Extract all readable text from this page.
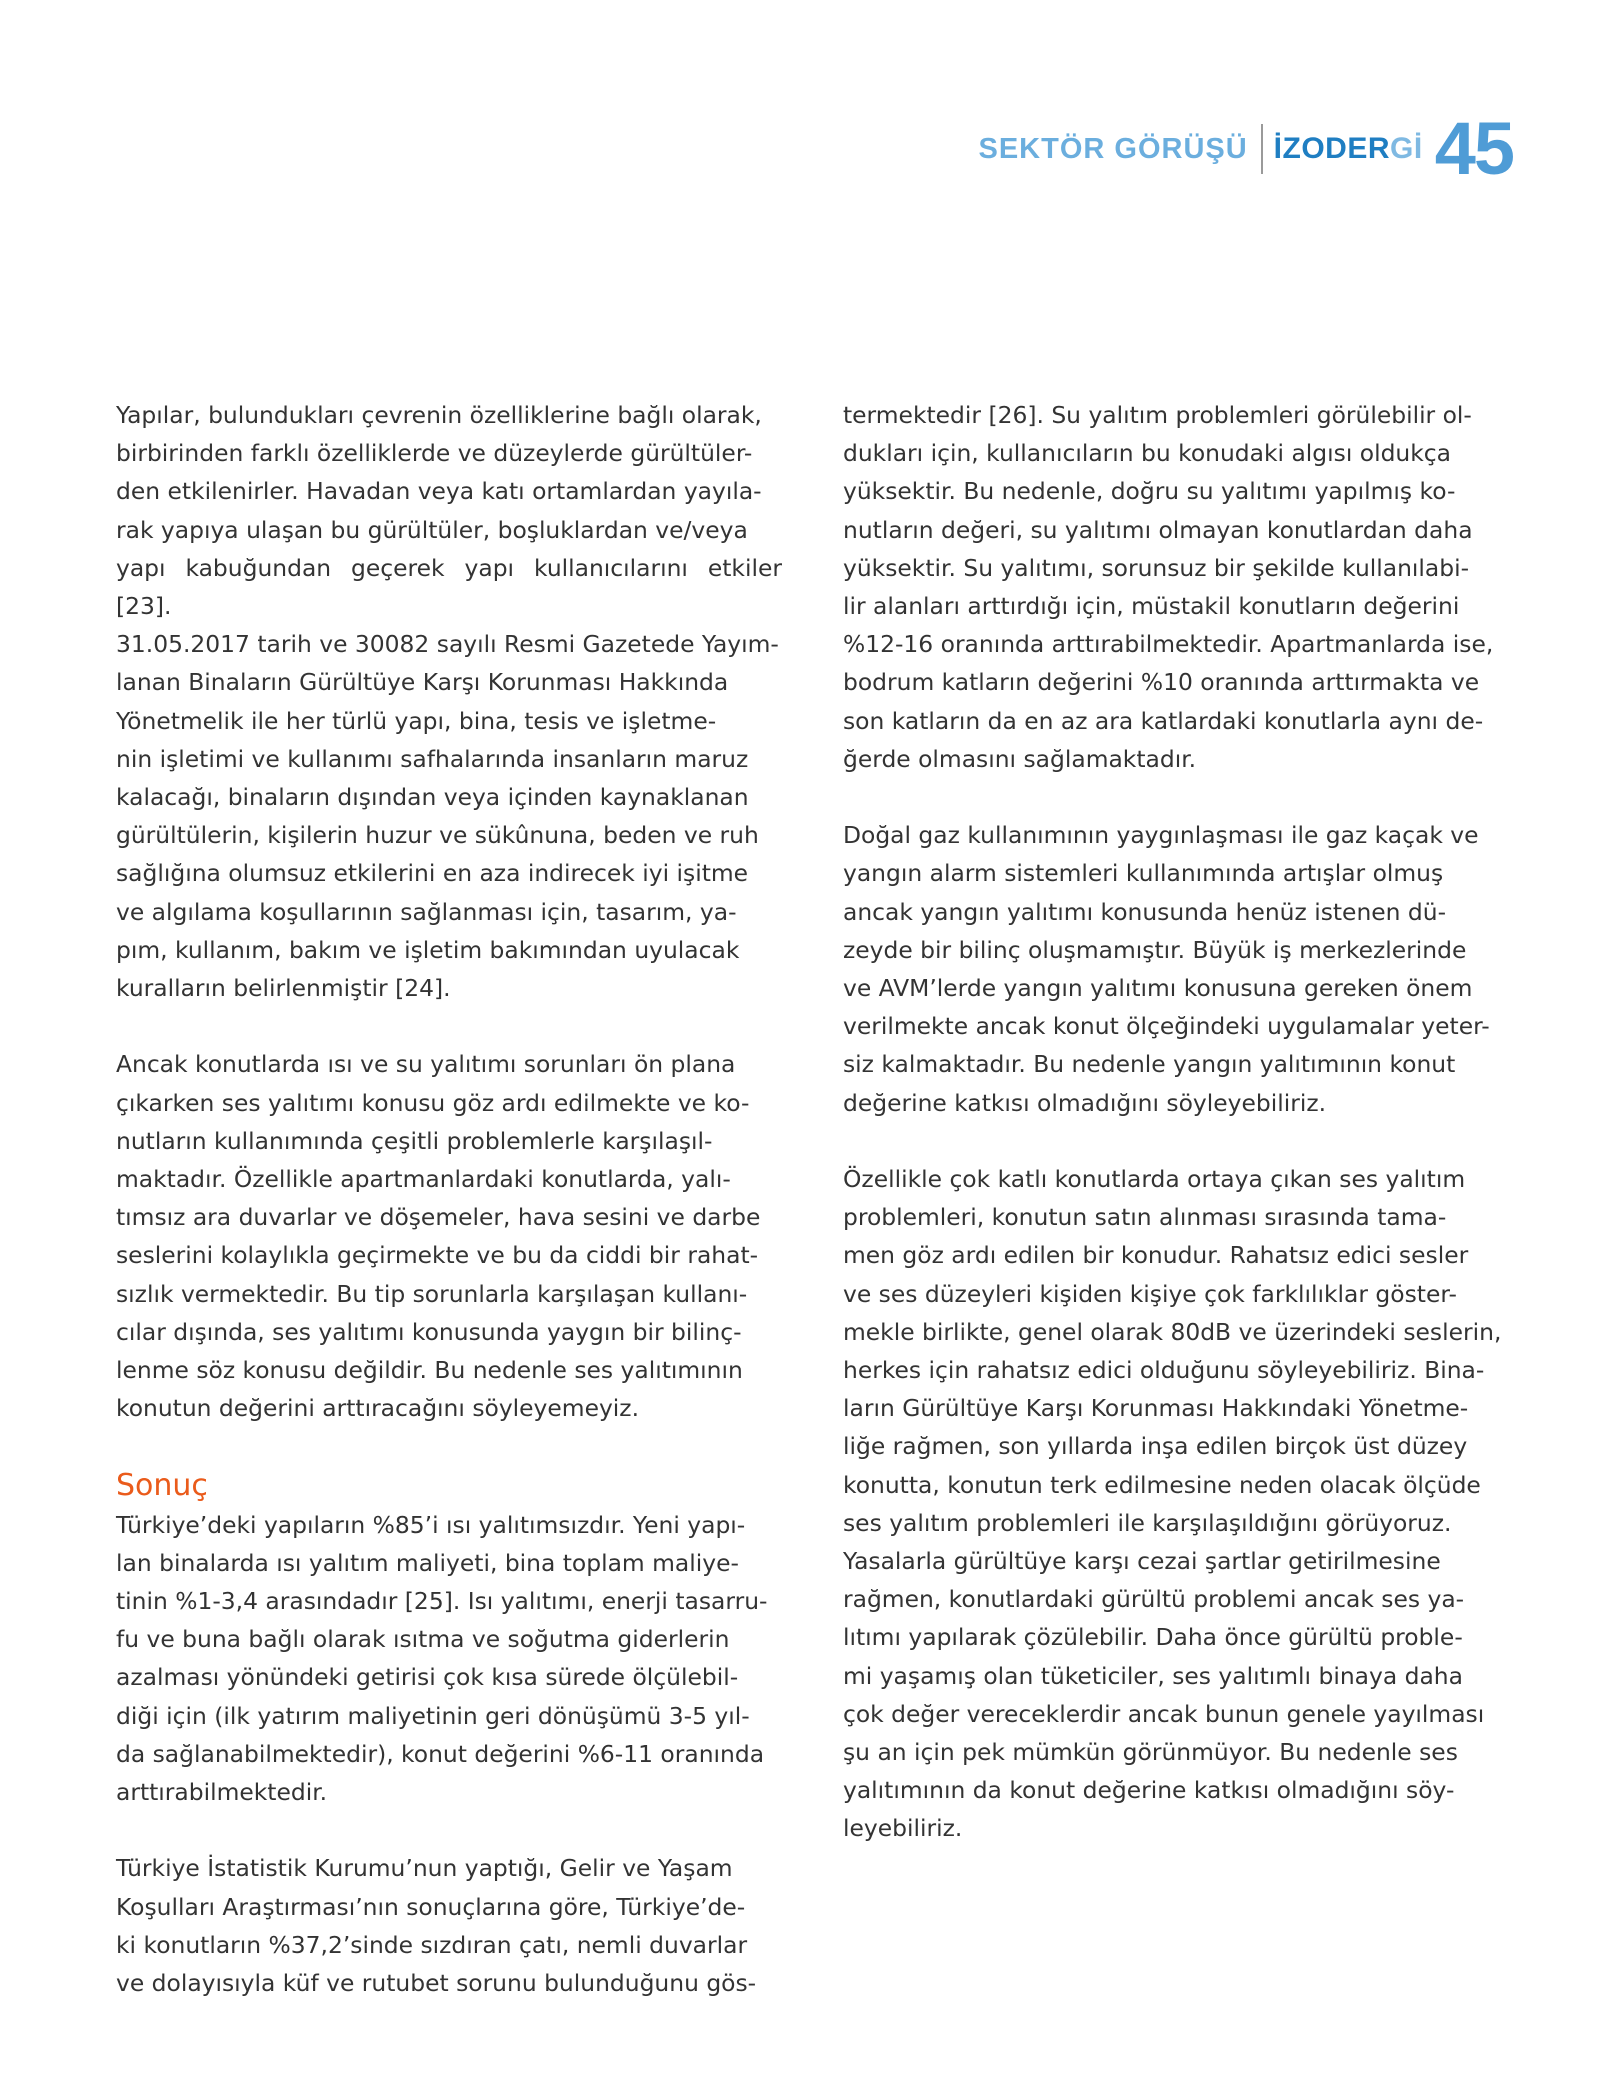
SEKTÖR GÖRÜŞÜ İZODERGİ 45

Yapılar, bulundukları çevrenin özelliklerine bağlı olarak,
birbirinden farklı özelliklerde ve düzeylerde gürültüler-
den etkilenirler. Havadan veya katı ortamlardan yayıla-
rak yapıya ulaşan bu gürültüler, boşluklardan ve/veya
yapı kabuğundan geçerek yapı kullanıcılarını etkiler [23].
31.05.2017 tarih ve 30082 sayılı Resmi Gazetede Yayım-
lanan Binaların Gürültüye Karşı Korunması Hakkında
Yönetmelik ile her türlü yapı, bina, tesis ve işletme-
nin işletimi ve kullanımı safhalarında insanların maruz
kalacağı, binaların dışından veya içinden kaynaklanan
gürültülerin, kişilerin huzur ve sükûnuna, beden ve ruh
sağlığına olumsuz etkilerini en aza indirecek iyi işitme
ve algılama koşullarının sağlanması için, tasarım, ya-
pım, kullanım, bakım ve işletim bakımından uyulacak
kuralların belirlenmiştir [24].

Ancak konutlarda ısı ve su yalıtımı sorunları ön plana
çıkarken ses yalıtımı konusu göz ardı edilmekte ve ko-
nutların kullanımında çeşitli problemlerle karşılaşıl-
maktadır. Özellikle apartmanlardaki konutlarda, yalı-
tımsız ara duvarlar ve döşemeler, hava sesini ve darbe
seslerini kolaylıkla geçirmekte ve bu da ciddi bir rahat-
sızlık vermektedir. Bu tip sorunlarla karşılaşan kullanı-
cılar dışında, ses yalıtımı konusunda yaygın bir bilinç-
lenme söz konusu değildir. Bu nedenle ses yalıtımının
konutun değerini arttıracağını söyleyemeyiz.

Sonuç

Türkiye’deki yapıların %85’i ısı yalıtımsızdır. Yeni yapı-
lan binalarda ısı yalıtım maliyeti, bina toplam maliye-
tinin %1-3,4 arasındadır [25]. Isı yalıtımı, enerji tasarru-
fu ve buna bağlı olarak ısıtma ve soğutma giderlerin
azalması yönündeki getirisi çok kısa sürede ölçülebil-
diği için (ilk yatırım maliyetinin geri dönüşümü 3-5 yıl-
da sağlanabilmektedir), konut değerini %6-11 oranında
arttırabilmektedir.

Türkiye İstatistik Kurumu’nun yaptığı, Gelir ve Yaşam
Koşulları Araştırması’nın sonuçlarına göre, Türkiye’de-
ki konutların %37,2’sinde sızdıran çatı, nemli duvarlar
ve dolayısıyla küf ve rutubet sorunu bulunduğunu gös-

termektedir [26]. Su yalıtım problemleri görülebilir ol-
dukları için, kullanıcıların bu konudaki algısı oldukça
yüksektir. Bu nedenle, doğru su yalıtımı yapılmış ko-
nutların değeri, su yalıtımı olmayan konutlardan daha
yüksektir. Su yalıtımı, sorunsuz bir şekilde kullanılabi-
lir alanları arttırdığı için, müstakil konutların değerini
%12-16 oranında arttırabilmektedir. Apartmanlarda ise,
bodrum katların değerini %10 oranında arttırmakta ve
son katların da en az ara katlardaki konutlarla aynı de-
ğerde olmasını sağlamaktadır.

Doğal gaz kullanımının yaygınlaşması ile gaz kaçak ve
yangın alarm sistemleri kullanımında artışlar olmuş
ancak yangın yalıtımı konusunda henüz istenen dü-
zeyde bir bilinç oluşmamıştır. Büyük iş merkezlerinde
ve AVM’lerde yangın yalıtımı konusuna gereken önem
verilmekte ancak konut ölçeğindeki uygulamalar yeter-
siz kalmaktadır. Bu nedenle yangın yalıtımının konut
değerine katkısı olmadığını söyleyebiliriz.

Özellikle çok katlı konutlarda ortaya çıkan ses yalıtım
problemleri, konutun satın alınması sırasında tama-
men göz ardı edilen bir konudur. Rahatsız edici sesler
ve ses düzeyleri kişiden kişiye çok farklılıklar göster-
mekle birlikte, genel olarak 80dB ve üzerindeki seslerin,
herkes için rahatsız edici olduğunu söyleyebiliriz. Bina-
ların Gürültüye Karşı Korunması Hakkındaki Yönetme-
liğe rağmen, son yıllarda inşa edilen birçok üst düzey
konutta, konutun terk edilmesine neden olacak ölçüde
ses yalıtım problemleri ile karşılaşıldığını görüyoruz.
Yasalarla gürültüye karşı cezai şartlar getirilmesine
rağmen, konutlardaki gürültü problemi ancak ses ya-
lıtımı yapılarak çözülebilir. Daha önce gürültü proble-
mi yaşamış olan tüketiciler, ses yalıtımlı binaya daha
çok değer vereceklerdir ancak bunun genele yayılması
şu an için pek mümkün görünmüyor. Bu nedenle ses
yalıtımının da konut değerine katkısı olmadığını söy-
leyebiliriz.
